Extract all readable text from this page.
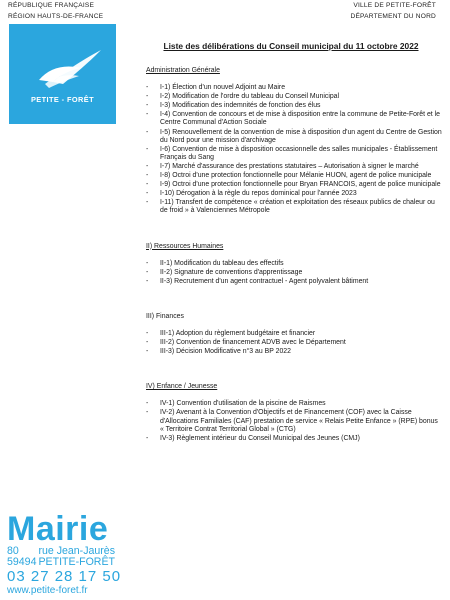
RÉPUBLIQUE FRANÇAISE
RÉGION HAUTS-DE-FRANCE
VILLE DE PETITE-FORÊT
DÉPARTEMENT DU NORD
PETITE - FORÊT
Liste des délibérations du Conseil municipal du 11 octobre 2022
Administration Générale
- I-1) Élection d'un nouvel Adjoint au Maire
- I-2) Modification de l'ordre du tableau du Conseil Municipal
- I-3) Modification des indemnités de fonction des élus
- I-4) Convention de concours et de mise à disposition entre la commune de Petite-Forêt et le Centre Communal d'Action Sociale
- I-5) Renouvellement de la convention de mise à disposition d'un agent du Centre de Gestion du Nord pour une mission d'archivage
- I-6) Convention de mise à disposition occasionnelle des salles municipales - Établissement Français du Sang
- I-7) Marché d'assurance des prestations statutaires – Autorisation à signer le marché
- I-8) Octroi d'une protection fonctionnelle pour Mélanie HUON, agent de police municipale
- I-9) Octroi d'une protection fonctionnelle pour Bryan FRANCOIS, agent de police municipale
- I-10) Dérogation à la règle du repos dominical pour l'année 2023
- I-11) Transfert de compétence « création et exploitation des réseaux publics de chaleur ou de froid » à Valenciennes Métropole
II) Ressources Humaines
- II-1) Modification du tableau des effectifs
- II-2) Signature de conventions d'apprentissage
- II-3) Recrutement d'un agent contractuel - Agent polyvalent bâtiment
III) Finances
- III-1) Adoption du règlement budgétaire et financier
- III-2) Convention de financement ADVB avec le Département
- III-3) Décision Modificative n°3 au BP 2022
IV) Enfance / Jeunesse
- IV-1) Convention d'utilisation de la piscine de Raismes
- IV-2) Avenant à la Convention d'Objectifs et de Financement (COF) avec la Caisse d'Allocations Familiales (CAF) prestation de service « Relais Petite Enfance » (RPE) bonus « Territoire Contrat Territorial Global » (CTG)
- IV-3) Règlement intérieur du Conseil Municipal des Jeunes (CMJ)
Mairie
80 rue Jean-Jaurès
59494 PETITE-FORÊT
03 27 28 17 50
www.petite-foret.fr
